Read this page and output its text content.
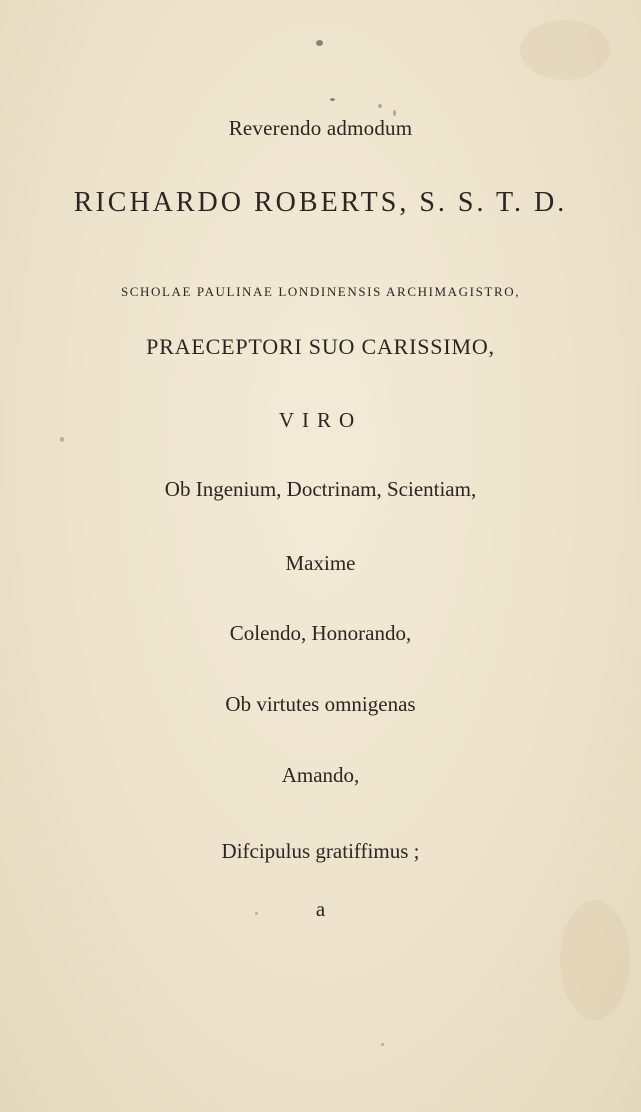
Reverendo admodum
RICHARDO ROBERTS, S. S. T. D.
SCHOLAE PAULINAE LONDINENSIS ARCHIMAGISTRO,
PRAECEPTORI SUO CARISSIMO,
VIRO
Ob Ingenium, Doctrinam, Scientiam,
Maxime
Colendo, Honorando,
Ob virtutes omnigenas
Amando,
Difcipulus gratiffimus ;
a
